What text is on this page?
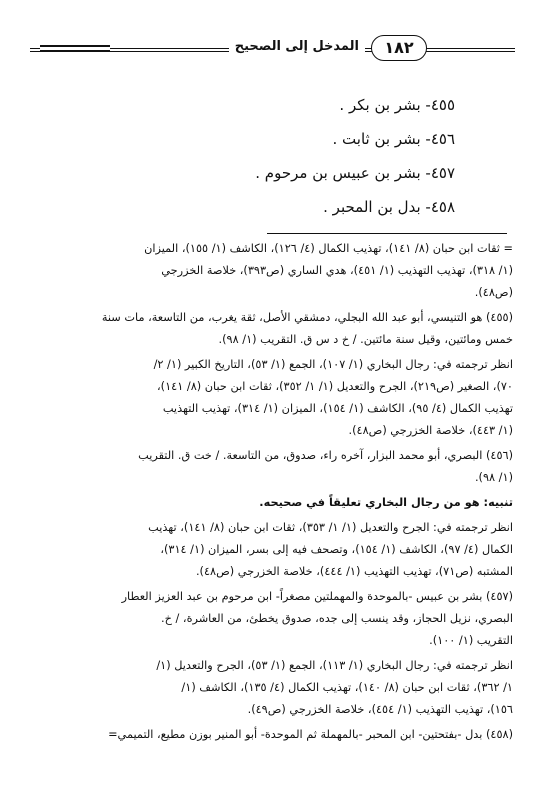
١٨٢
المدخل إلى الصحيح
٤٥٥- بشر بن بكر .
٤٥٦- بشر بن ثابت .
٤٥٧- بشر بن عبيس بن مرحوم .
٤٥٨- بدل بن المحبر .
= ثقات ابن حبان (٨/ ١٤١)، تهذيب الكمال (٤/ ١٢٦)، الكاشف (١/ ١٥٥)، الميزان
(١/ ٣١٨)، تهذيب التهذيب (١/ ٤٥١)، هدي الساري (ص٣٩٣)، خلاصة الخزرجي
(ص٤٨).
(٤٥٥) هو التنيسي، أبو عبد الله البجلي، دمشقي الأصل، ثقة يغرب، من التاسعة، مات سنة
خمس ومائتين، وقيل سنة مائتين. / خ د س ق. التقريب (١/ ٩٨).
انظر ترجمته في: رجال البخاري (١/ ١٠٧)، الجمع (١/ ٥٣)، التاريخ الكبير (١/ ٢/
٧٠)، الصغير (ص٢١٩)، الجرح والتعديل (١/ ١/ ٣٥٢)، ثقات ابن حبان (٨/ ١٤١)،
تهذيب الكمال (٤/ ٩٥)، الكاشف (١/ ١٥٤)، الميزان (١/ ٣١٤)، تهذيب التهذيب
(١/ ٤٤٣)، خلاصة الخزرجي (ص٤٨).
(٤٥٦) البصري، أبو محمد البزار، آخره راء، صدوق، من التاسعة. / خت ق. التقريب
(١/ ٩٨).
تنبيه: هو من رجال البخاري تعليقاً في صحيحه.
انظر ترجمته في: الجرح والتعديل (١/ ١/ ٣٥٣)، ثقات ابن حبان (٨/ ١٤١)، تهذيب
الكمال (٤/ ٩٧)، الكاشف (١/ ١٥٤)، وتصحف فيه إلى بسر، الميزان (١/ ٣١٤)،
المشتبه (ص٧١)، تهذيب التهذيب (١/ ٤٤٤)، خلاصة الخزرجي (ص٤٨).
(٤٥٧) بشر بن عبيس -بالموحدة والمهملتين مصغراً- ابن مرحوم بن عبد العزيز العطار
البصري، نزيل الحجاز، وقد ينسب إلى جده، صدوق يخطئ، من العاشرة، / خ.
التقريب (١/ ١٠٠).
انظر ترجمته في: رجال البخاري (١/ ١١٣)، الجمع (١/ ٥٣)، الجرح والتعديل (١/
١/ ٣٦٢)، ثقات ابن حبان (٨/ ١٤٠)، تهذيب الكمال (٤/ ١٣٥)، الكاشف (١/
١٥٦)، تهذيب التهذيب (١/ ٤٥٤)، خلاصة الخزرجي (ص٤٩).
(٤٥٨) بدل -بفتحتين- ابن المحبر -بالمهملة ثم الموحدة- أبو المنير بوزن مطيع، التميمي=
